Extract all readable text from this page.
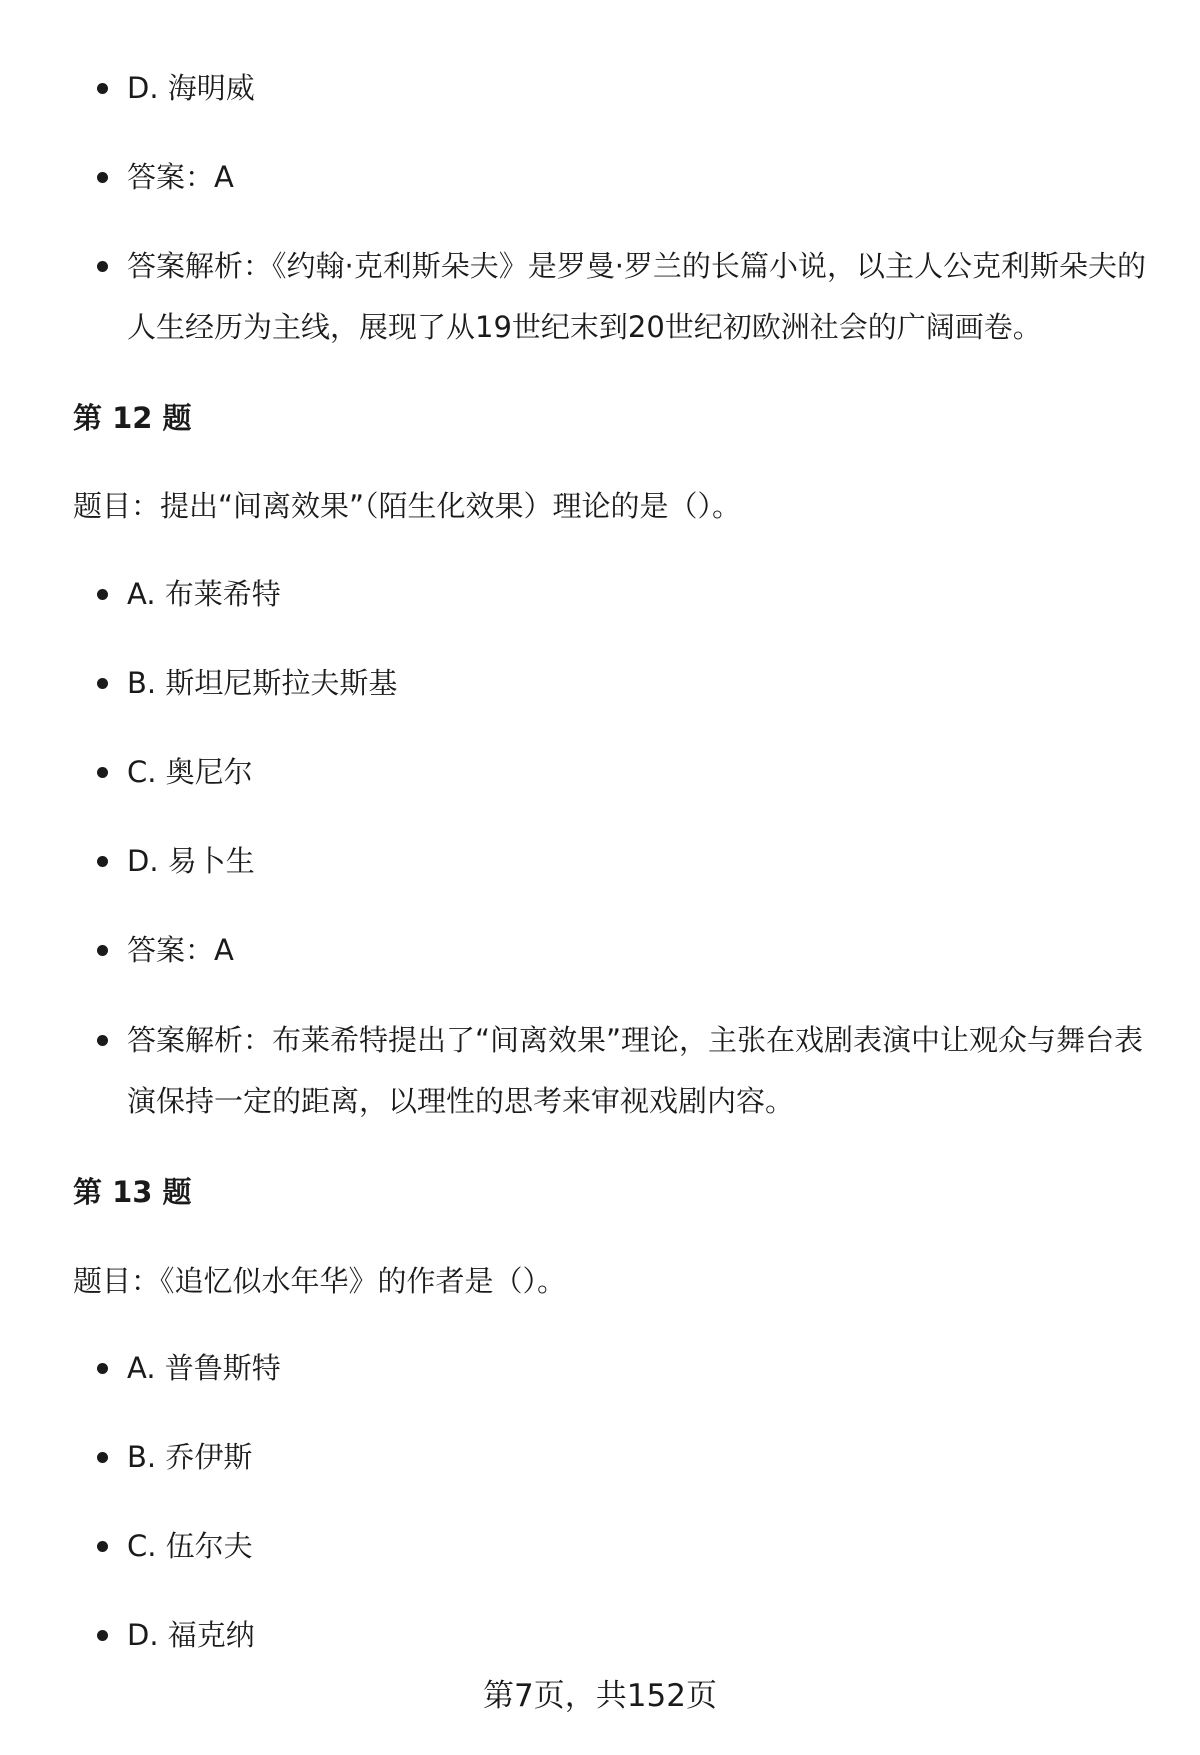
D. 海明威
答案：A
答案解析：《约翰·克利斯朵夫》是罗曼·罗兰的长篇小说，以主人公克利斯朵夫的人生经历为主线，展现了从19世纪末到20世纪初欧洲社会的广阔画卷。
第 12 题
题目：提出“间离效果”（陌生化效果）理论的是（）。
A. 布莱希特
B. 斯坦尼斯拉夫斯基
C. 奥尼尔
D. 易卜生
答案：A
答案解析：布莱希特提出了“间离效果”理论，主张在戏剧表演中让观众与舞台表演保持一定的距离，以理性的思考来审视戏剧内容。
第 13 题
题目：《追忆似水年华》的作者是（）。
A. 普鲁斯特
B. 乔伊斯
C. 伍尔夫
D. 福克纳
第7页，共152页
